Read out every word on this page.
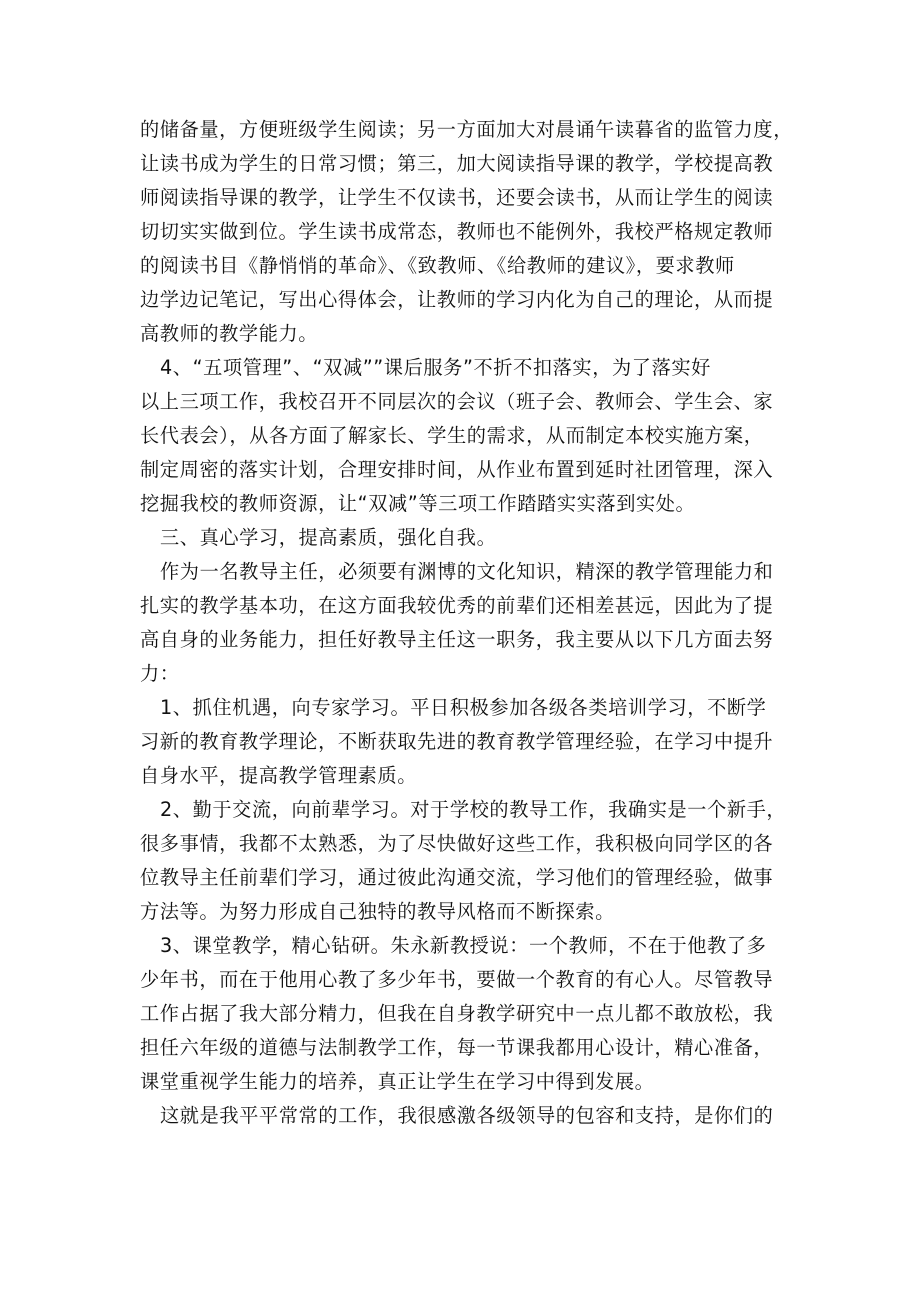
的储备量，方便班级学生阅读；另一方面加大对晨诵午读暮省的监管力度，
让读书成为学生的日常习惯；第三，加大阅读指导课的教学，学校提高教
师阅读指导课的教学，让学生不仅读书，还要会读书，从而让学生的阅读
切切实实做到位。学生读书成常态，教师也不能例外，我校严格规定教师
的阅读书目《静悄悄的革命》、《致教师、《给教师的建议》，要求教师
边学边记笔记，写出心得体会，让教师的学习内化为自己的理论，从而提
高教师的教学能力。
4、“五项管理”、“双减””课后服务”不折不扣落实，为了落实好
以上三项工作，我校召开不同层次的会议（班子会、教师会、学生会、家
长代表会），从各方面了解家长、学生的需求，从而制定本校实施方案，
制定周密的落实计划，合理安排时间，从作业布置到延时社团管理，深入
挖掘我校的教师资源，让“双减”等三项工作踏踏实实落到实处。
三、真心学习，提高素质，强化自我。
作为一名教导主任，必须要有渊博的文化知识，精深的教学管理能力和
扎实的教学基本功，在这方面我较优秀的前辈们还相差甚远，因此为了提
高自身的业务能力，担任好教导主任这一职务，我主要从以下几方面去努
力：
1、抓住机遇，向专家学习。平日积极参加各级各类培训学习，不断学
习新的教育教学理论，不断获取先进的教育教学管理经验，在学习中提升
自身水平，提高教学管理素质。
2、勤于交流，向前辈学习。对于学校的教导工作，我确实是一个新手，
很多事情，我都不太熟悉，为了尽快做好这些工作，我积极向同学区的各
位教导主任前辈们学习，通过彼此沟通交流，学习他们的管理经验，做事
方法等。为努力形成自己独特的教导风格而不断探索。
3、课堂教学，精心钻研。朱永新教授说：一个教师，不在于他教了多
少年书，而在于他用心教了多少年书，要做一个教育的有心人。尽管教导
工作占据了我大部分精力，但我在自身教学研究中一点儿都不敢放松，我
担任六年级的道德与法制教学工作，每一节课我都用心设计，精心准备，
课堂重视学生能力的培养，真正让学生在学习中得到发展。
这就是我平平常常的工作，我很感激各级领导的包容和支持，是你们的
